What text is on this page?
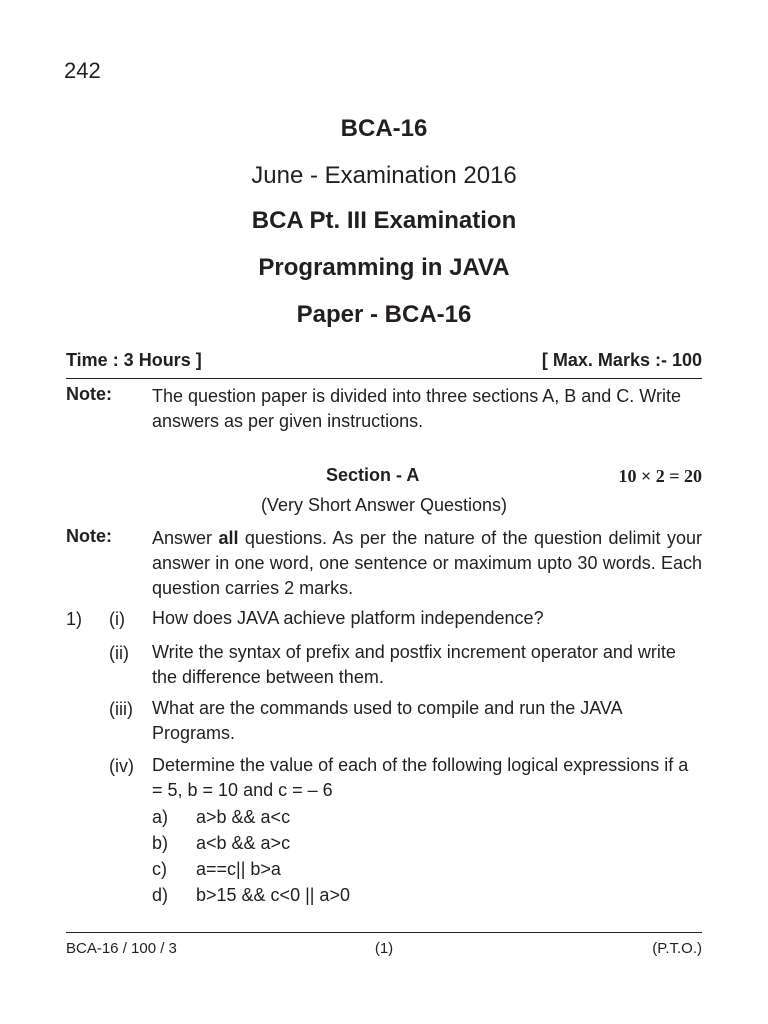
242
BCA-16
June - Examination 2016
BCA Pt. III Examination
Programming in JAVA
Paper - BCA-16
Time : 3 Hours ]	[ Max. Marks :- 100
Note: The question paper is divided into three sections A, B and C. Write answers as per given instructions.
Section - A	10 × 2 = 20
(Very Short Answer Questions)
Note: Answer all questions. As per the nature of the question delimit your answer in one word, one sentence or maximum upto 30 words. Each question carries 2 marks.
1) (i) How does JAVA achieve platform independence?
(ii) Write the syntax of prefix and postfix increment operator and write the difference between them.
(iii) What are the commands used to compile and run the JAVA Programs.
(iv) Determine the value of each of the following logical expressions if a = 5, b = 10 and c = – 6
a) a>b && a<c
b) a<b && a>c
c) a==c|| b>a
d) b>15 && c<0 || a>0
BCA-16 / 100 / 3	(1)	(P.T.O.)
